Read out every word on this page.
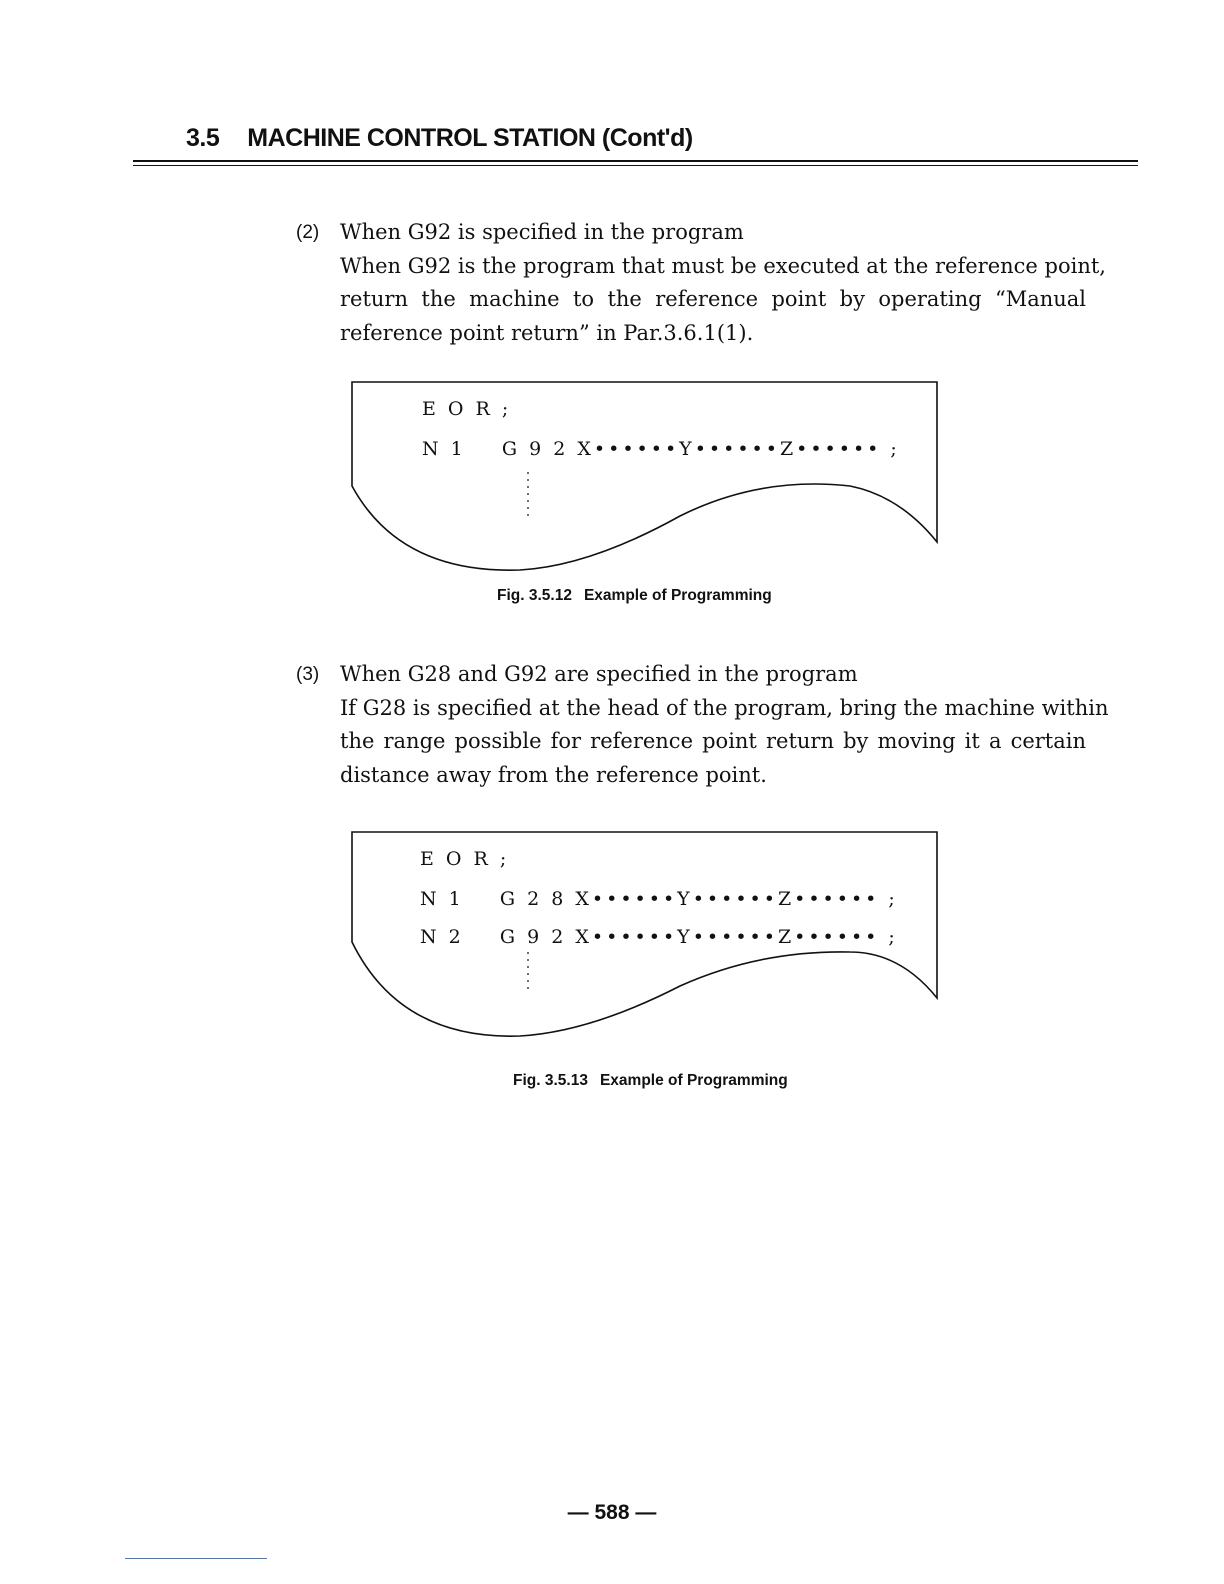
3.5 MACHINE CONTROL STATION (Cont'd)
(2) When G92 is specified in the program
When G92 is the program that must be executed at the reference point,
return the machine to the reference point by operating “Manual
reference point return” in Par.3.6.1(1).
E O R ;
N 1    G 9 2 X••••••Y••••••Z•••••• ;
Fig. 3.5.12 Example of Programming
(3) When G28 and G92 are specified in the program
If G28 is specified at the head of the program, bring the machine within
the range possible for reference point return by moving it a certain
distance away from the reference point.
E O R ;
N 1    G 2 8 X••••••Y••••••Z•••••• ;
N 2    G 9 2 X••••••Y••••••Z•••••• ;
Fig. 3.5.13 Example of Programming
— 588 —
